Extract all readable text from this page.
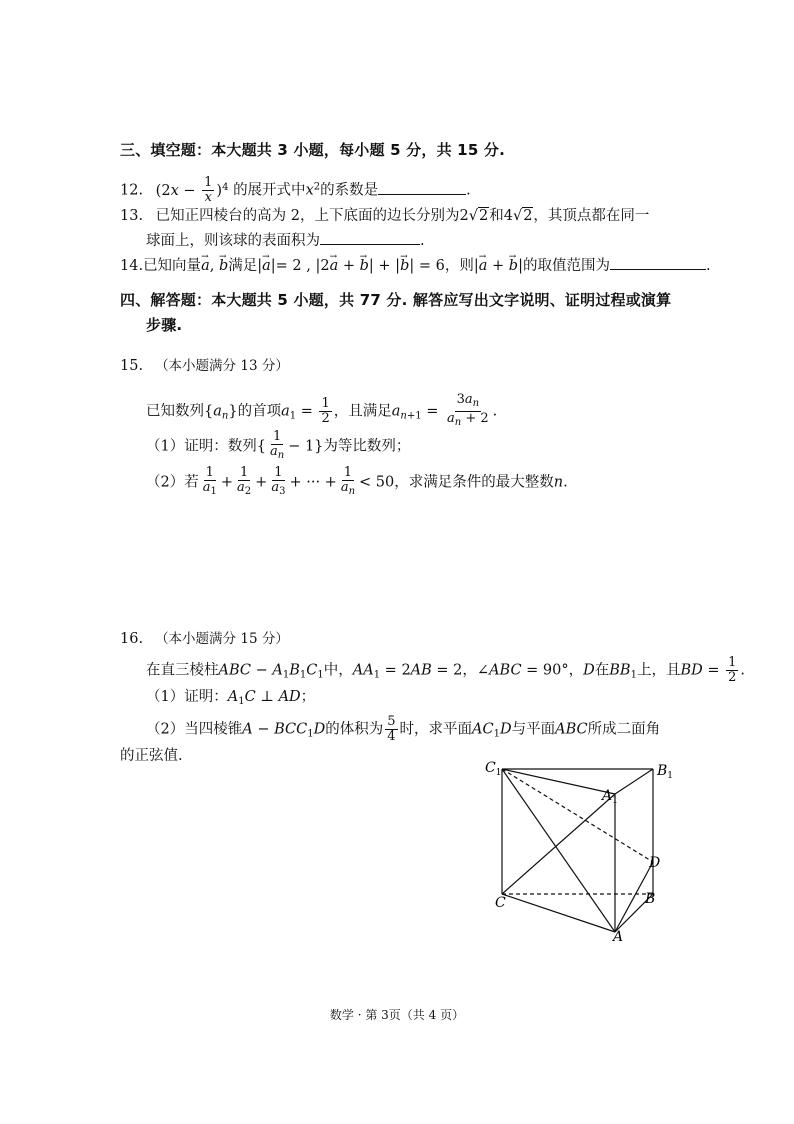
三、填空题：本大题共 3 小题，每小题 5 分，共 15 分.
12. $(2x - \frac{1}{x} )^4$ 的展开式中$x^2$的系数是	.
13. 已知正四棱台的高为 2，上下底面的边长分别为2√2和4√2，其顶点都在同一
球面上，则该球的表面积为	.
14.已知向量→ a, → b满足|→ a|= 2 , |2→ a + → b| + |→ b| = 6，则|→ a + → b|的取值范围为	.
四、解答题：本大题共 5 小题，共 77 分. 解答应写出文字说明、证明过程或演算
步骤.
15. （本小题满分 13 分）
已知数列$\{a_n\}$的首项$a_1 = \frac{1}{2}$ ，且满足$a_{n+1} = \frac{3a_n}{a_n + 2}$ .
（1）证明：数列{ $\frac{1}{a_n} - 1$}为等比数列；
（2）若 $\frac{1}{a_1} + \frac{1}{a_2} + \frac{1}{a_3}$ + ··· + $\frac{1}{a_n} < 50$，求满足条件的最大整数n.
16. （本小题满分 15 分）
在直三棱柱ABC − $A_1B_1C_1$中，$AA_1 = 2AB = 2$，∠ABC = 90°，D在$BB_1$上，且BD = $\frac{1}{2}$ .
（1）证明：$A_1C$ ⊥ AD；
（2）当四棱锥$A - BCC_1D$的体积为 $\frac{5}{4}$ 时，求平面$AC_1D$与平面ABC所成二面角
的正弦值.
$C_1$	$B_1$
$A_1$
D
C	B
A
数学 · 第 3页（共 4 页）
